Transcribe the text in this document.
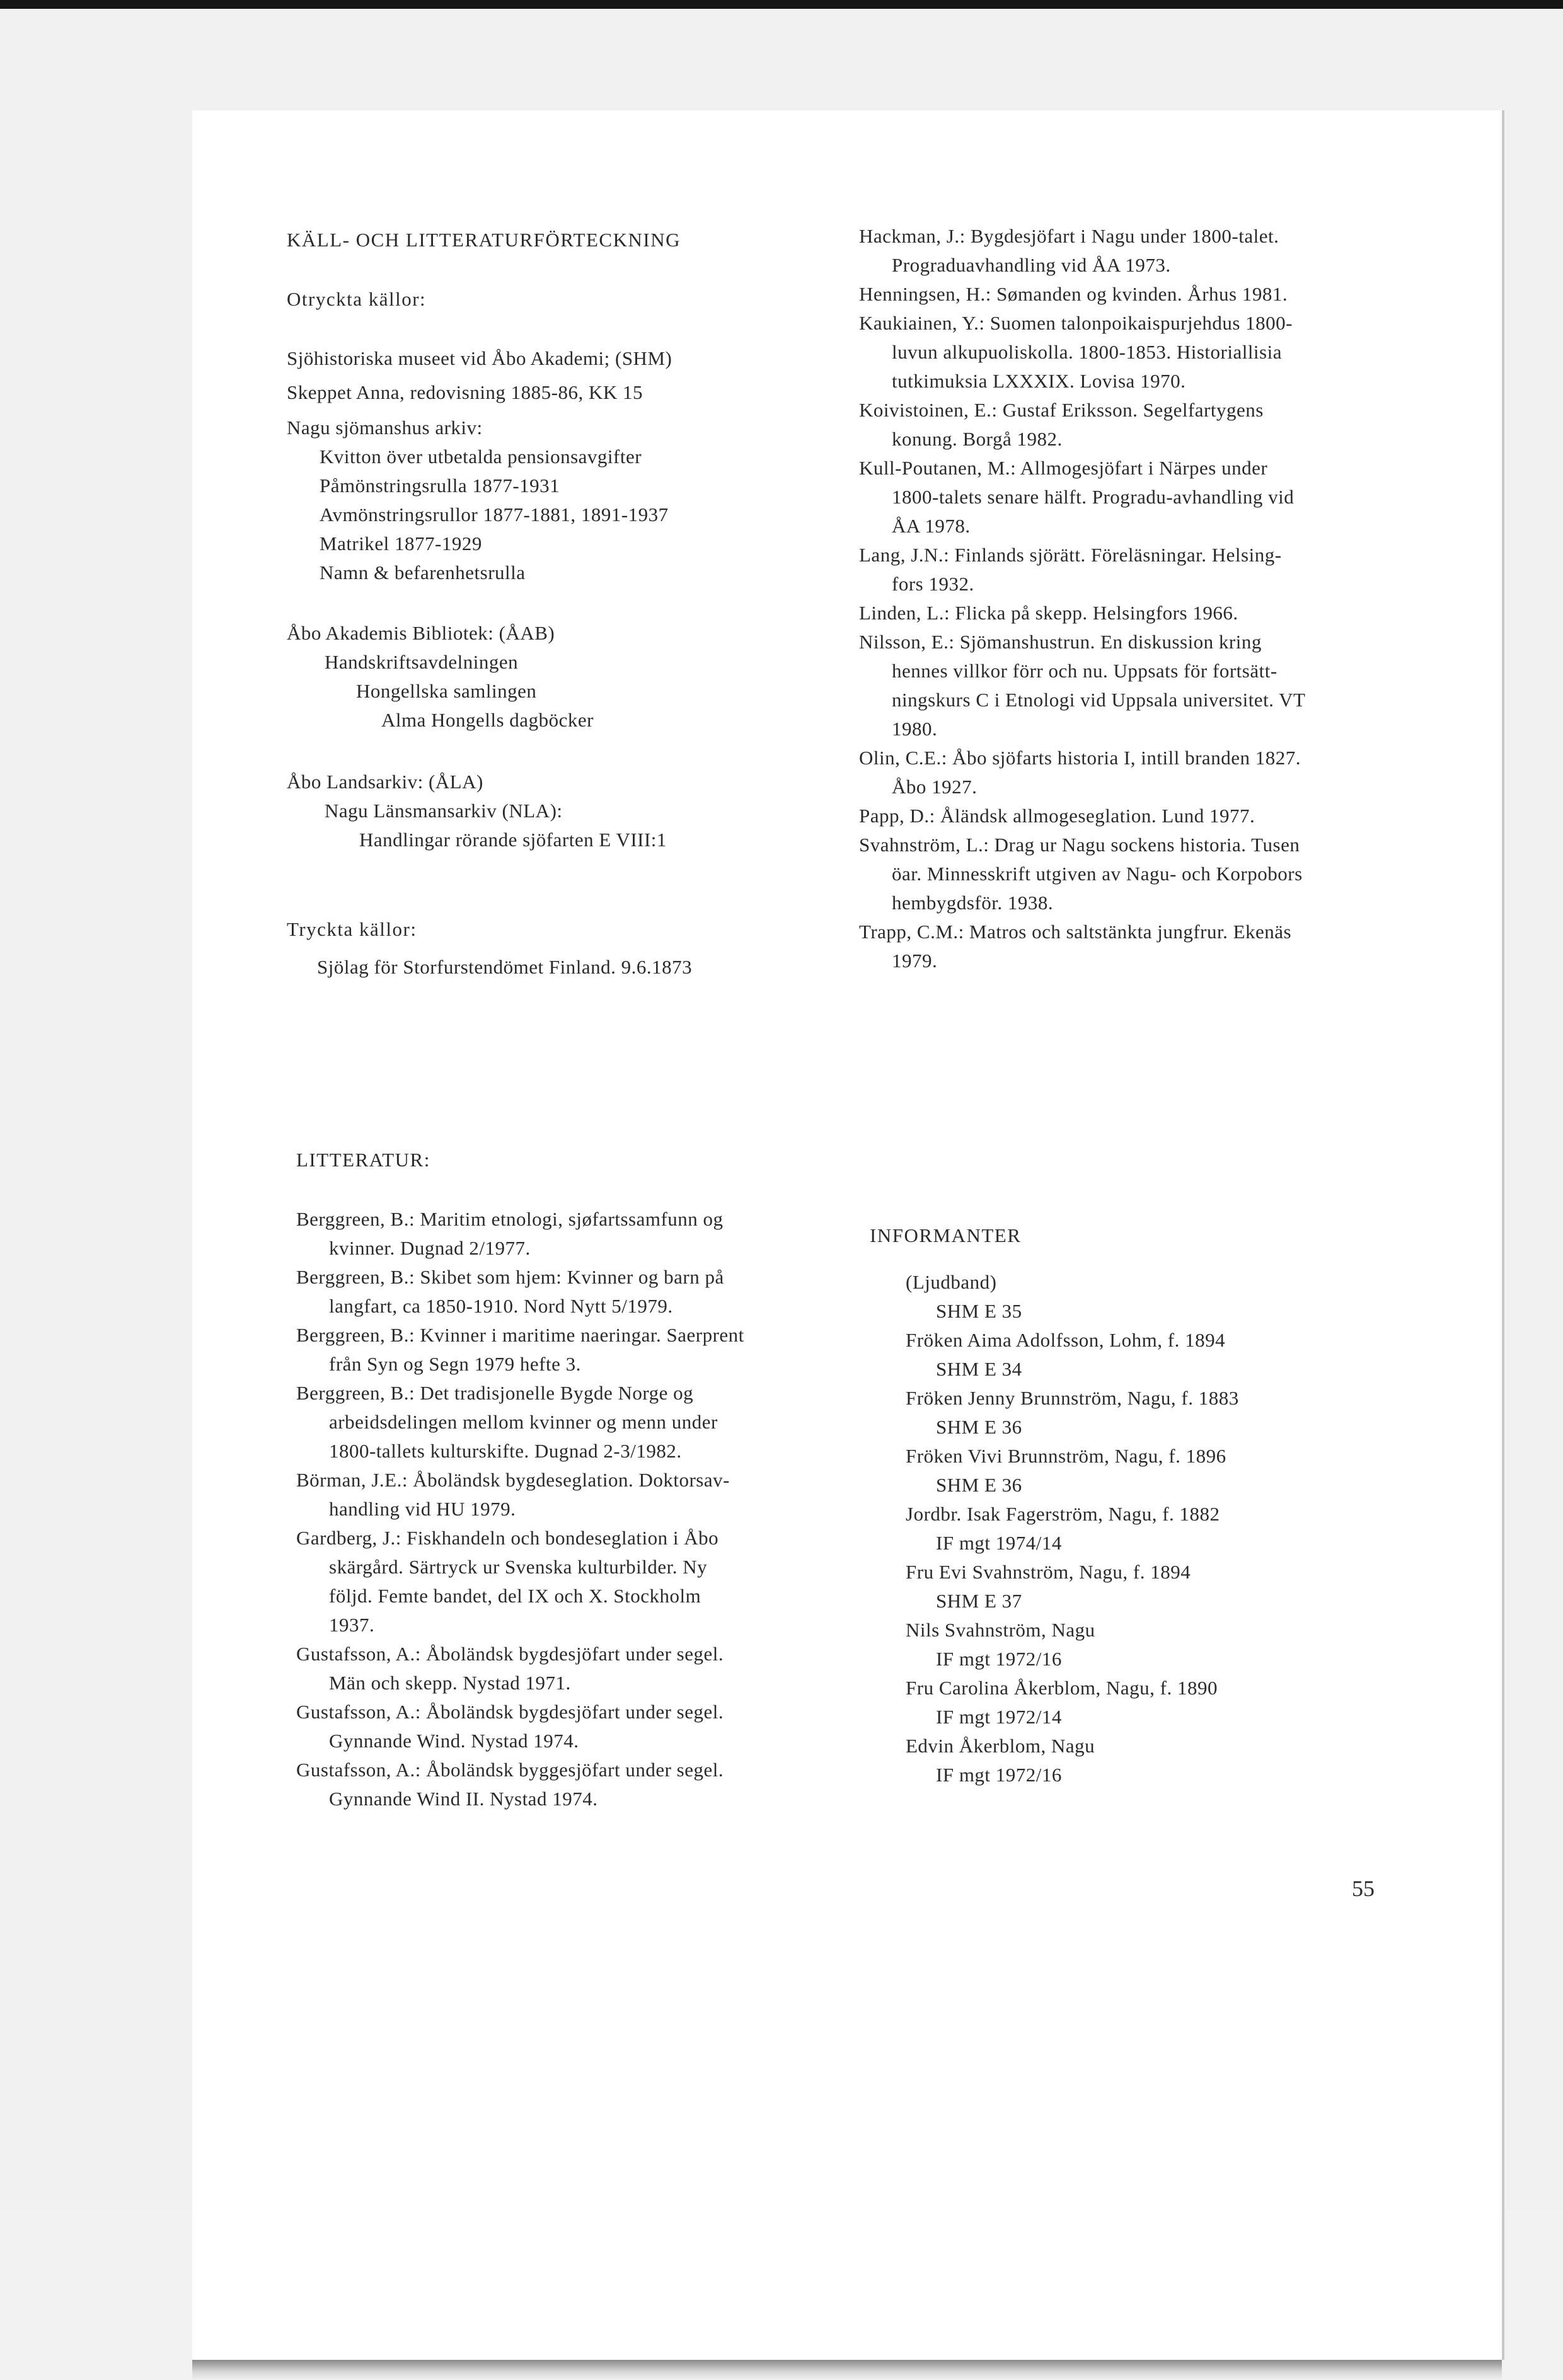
KÄLL- OCH LITTERATURFÖRTECKNING
Otryckta källor:
Sjöhistoriska museet vid Åbo Akademi; (SHM)
Skeppet Anna, redovisning 1885-86, KK 15
Nagu sjömanshus arkiv:
Kvitton över utbetalda pensionsavgifter
Påmönstringsrulla 1877-1931
Avmönstringsrullor 1877-1881, 1891-1937
Matrikel 1877-1929
Namn & befarenhetsrulla
Åbo Akademis Bibliotek: (ÅAB)
Handskriftsavdelningen
Hongellska samlingen
Alma Hongells dagböcker
Åbo Landsarkiv: (ÅLA)
Nagu Länsmansarkiv (NLA):
Handlingar rörande sjöfarten E VIII:1
Tryckta källor:
Sjölag för Storfurstendömet Finland. 9.6.1873
Hackman, J.: Bygdesjöfart i Nagu under 1800-talet.
Prograduavhandling vid ÅA 1973.
Henningsen, H.: Sømanden og kvinden. Århus 1981.
Kaukiainen, Y.: Suomen talonpoikaispurjehdus 1800-
luvun alkupuoliskolla. 1800-1853. Historiallisia
tutkimuksia LXXXIX. Lovisa 1970.
Koivistoinen, E.: Gustaf Eriksson. Segelfartygens
konung. Borgå 1982.
Kull-Poutanen, M.: Allmogesjöfart i Närpes under
1800-talets senare hälft. Progradu-avhandling vid
ÅA 1978.
Lang, J.N.: Finlands sjörätt. Föreläsningar. Helsing-
fors 1932.
Linden, L.: Flicka på skepp. Helsingfors 1966.
Nilsson, E.: Sjömanshustrun. En diskussion kring
hennes villkor förr och nu. Uppsats för fortsätt-
ningskurs C i Etnologi vid Uppsala universitet. VT
1980.
Olin, C.E.: Åbo sjöfarts historia I, intill branden 1827.
Åbo 1927.
Papp, D.: Åländsk allmogeseglation. Lund 1977.
Svahnström, L.: Drag ur Nagu sockens historia. Tusen
öar. Minnesskrift utgiven av Nagu- och Korpobors
hembygdsför. 1938.
Trapp, C.M.: Matros och saltstänkta jungfrur. Ekenäs
1979.
LITTERATUR:
Berggreen, B.: Maritim etnologi, sjøfartssamfunn og
kvinner. Dugnad 2/1977.
Berggreen, B.: Skibet som hjem: Kvinner og barn på
langfart, ca 1850-1910. Nord Nytt 5/1979.
Berggreen, B.: Kvinner i maritime naeringar. Saerprent
från Syn og Segn 1979 hefte 3.
Berggreen, B.: Det tradisjonelle Bygde Norge og
arbeidsdelingen mellom kvinner og menn under
1800-tallets kulturskifte. Dugnad 2-3/1982.
Börman, J.E.: Åboländsk bygdeseglation. Doktorsav-
handling vid HU 1979.
Gardberg, J.: Fiskhandeln och bondeseglation i Åbo
skärgård. Särtryck ur Svenska kulturbilder. Ny
följd. Femte bandet, del IX och X. Stockholm
1937.
Gustafsson, A.: Åboländsk bygdesjöfart under segel.
Män och skepp. Nystad 1971.
Gustafsson, A.: Åboländsk bygdesjöfart under segel.
Gynnande Wind. Nystad 1974.
Gustafsson, A.: Åboländsk byggesjöfart under segel.
Gynnande Wind II. Nystad 1974.
INFORMANTER
(Ljudband)
SHM E 35
Fröken Aima Adolfsson, Lohm, f. 1894
SHM E 34
Fröken Jenny Brunnström, Nagu, f. 1883
SHM E 36
Fröken Vivi Brunnström, Nagu, f. 1896
SHM E 36
Jordbr. Isak Fagerström, Nagu, f. 1882
IF mgt 1974/14
Fru Evi Svahnström, Nagu, f. 1894
SHM E 37
Nils Svahnström, Nagu
IF mgt 1972/16
Fru Carolina Åkerblom, Nagu, f. 1890
IF mgt 1972/14
Edvin Åkerblom, Nagu
IF mgt 1972/16
55
